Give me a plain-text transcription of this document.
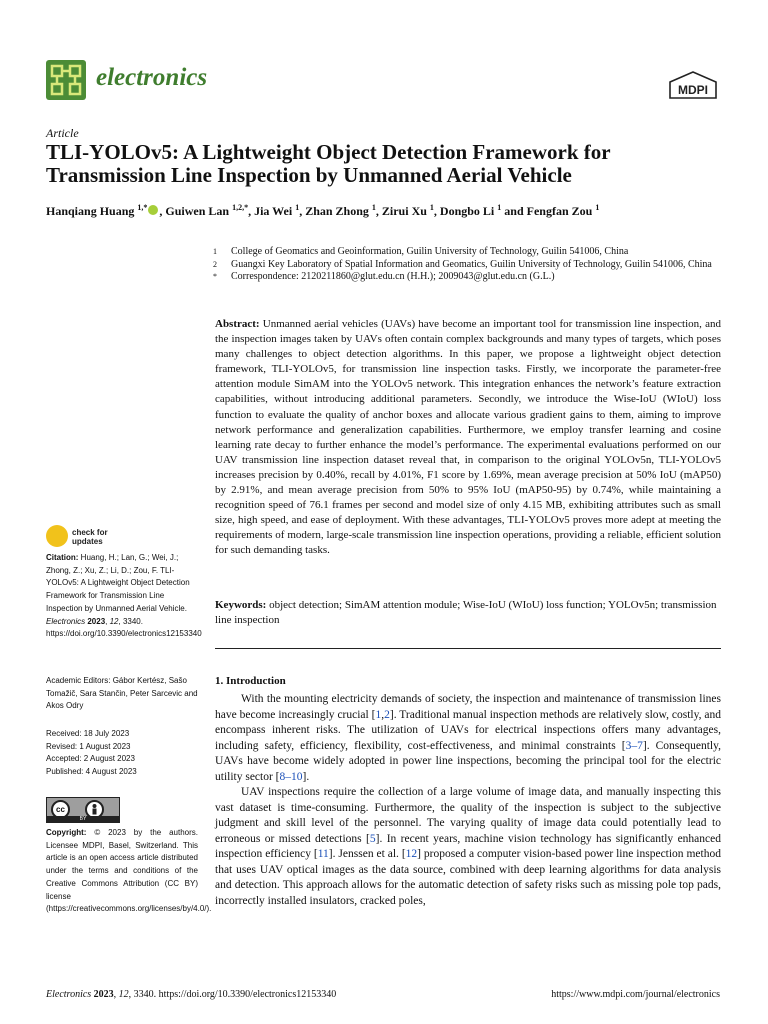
electronics	MDPI
Article
TLI-YOLOv5: A Lightweight Object Detection Framework for Transmission Line Inspection by Unmanned Aerial Vehicle
Hanqiang Huang $^{1,*}$ , Guiwen Lan $^{1,2,*}$, Jia Wei $^1$, Zhan Zhong $^1$, Zirui Xu $^1$, Dongbo Li $^1$ and Fengfan Zou $^1$
1	College of Geomatics and Geoinformation, Guilin University of Technology, Guilin 541006, China
2	Guangxi Key Laboratory of Spatial Information and Geomatics, Guilin University of Technology, Guilin 541006, China
*	Correspondence: 2120211860@glut.edu.cn (H.H.); 2009043@glut.edu.cn (G.L.)
Abstract: Unmanned aerial vehicles (UAVs) have become an important tool for transmission line inspection, and the inspection images taken by UAVs often contain complex backgrounds and many types of targets, which poses many challenges to object detection algorithms. In this paper, we propose a lightweight object detection framework, TLI-YOLOv5, for transmission line inspection tasks. Firstly, we incorporate the parameter-free attention module SimAM into the YOLOv5 network. This integration enhances the network’s feature extraction capabilities, without introducing additional parameters. Secondly, we introduce the Wise-IoU (WIoU) loss function to evaluate the quality of anchor boxes and allocate various gradient gains to them, aiming to improve network performance and generalization capabilities. Furthermore, we employ transfer learning and cosine learning rate decay to further enhance the model’s performance. The experimental evaluations performed on our UAV transmission line inspection dataset reveal that, in comparison to the original YOLOv5n, TLI-YOLOv5 increases precision by 0.40%, recall by 4.01%, F1 score by 1.69%, mean average precision at 50% IoU (mAP50) by 2.91%, and mean average precision from 50% to 95% IoU (mAP50-95) by 0.74%, while maintaining a recognition speed of 76.1 frames per second and model size of only 4.15 MB, exhibiting attributes such as small size, high speed, and ease of deployment. With these advantages, TLI-YOLOv5 proves more adept at meeting the requirements of modern, large-scale transmission line inspection operations, providing a reliable, efficient solution for such demanding tasks.
Keywords: object detection; SimAM attention module; Wise-IoU (WIoU) loss function; YOLOv5n; transmission line inspection
1. Introduction

With the mounting electricity demands of society, the inspection and maintenance of transmission lines have become increasingly crucial [1,2]. Traditional manual inspection methods are relatively slow, costly, and encompass inherent risks. The utilization of UAVs for electrical inspections offers many advantages, including safety, efficiency, flexibility, cost-effectiveness, and minimal constraints [3–7]. Consequently, UAVs have become widely adopted in power line inspections, becoming the principal tool for the electric utility sector [8–10].

UAV inspections require the collection of a large volume of image data, and manually inspecting this vast dataset is time-consuming. Furthermore, the quality of the inspection is subject to the subjective judgment and skill level of the personnel. The varying quality of image data could potentially lead to erroneous or missed detections [5]. In recent years, machine vision technology has significantly enhanced inspection efficiency [11]. Jenssen et al. [12] proposed a computer vision-based power line inspection method that uses UAV optical images as the data source, combined with deep learning algorithms for data analysis and detection. This approach allows for the automatic detection of safety risks such as missing pole top pads, incorrectly installed insulators, cracked poles,

check for
updates
Citation: Huang, H.; Lan, G.; Wei, J.; Zhong, Z.; Xu, Z.; Li, D.; Zou, F. TLI-YOLOv5: A Lightweight Object Detection Framework for Transmission Line Inspection by Unmanned Aerial Vehicle. Electronics 2023, 12, 3340. https://doi.org/10.3390/electronics12153340
Academic Editors: Gábor Kertész, Sašo Tomažič, Sara Stančin, Peter Sarcevic and Akos Odry
Received: 18 July 2023
Revised: 1 August 2023
Accepted: 2 August 2023
Published: 4 August 2023
cc
BY
Copyright: © 2023 by the authors. Licensee MDPI, Basel, Switzerland. This article is an open access article distributed under the terms and conditions of the Creative Commons Attribution (CC BY) license (https://creativecommons.org/licenses/by/4.0/).
Electronics 2023, 12, 3340. https://doi.org/10.3390/electronics12153340	https://www.mdpi.com/journal/electronics
